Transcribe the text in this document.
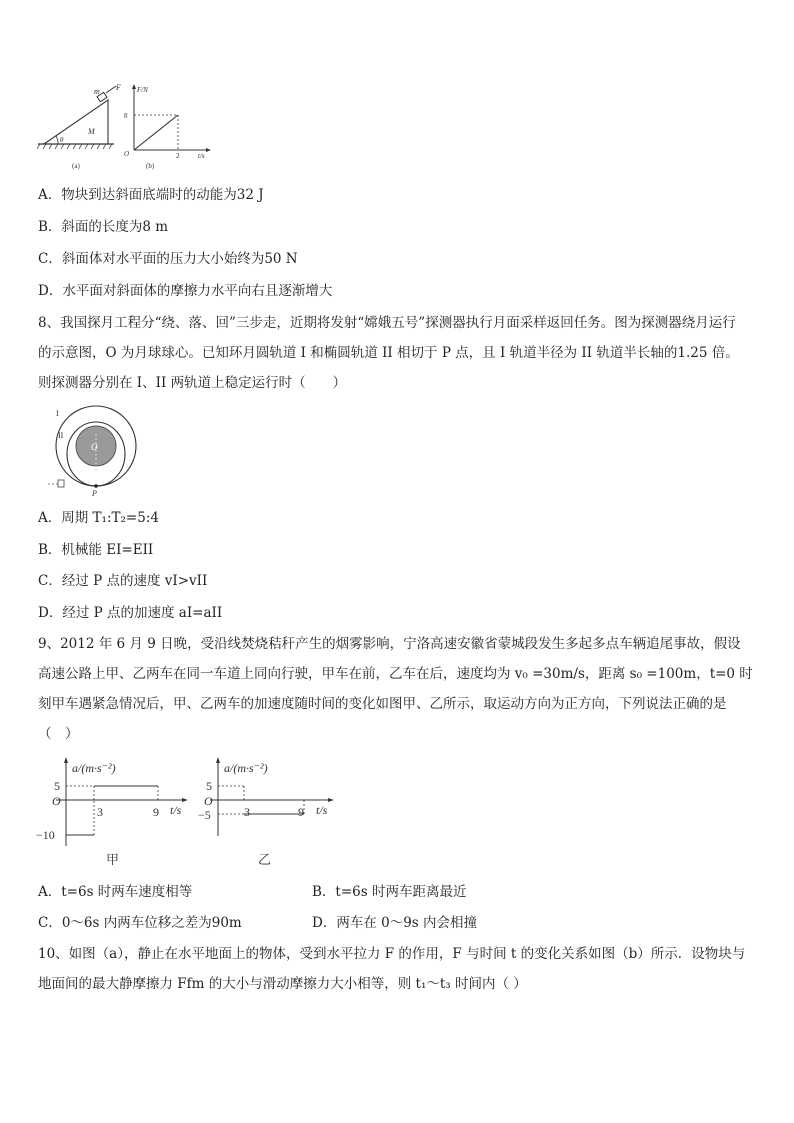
m F
M
θ
(a)
F/N
8
O	2	t/s
(b)
A．物块到达斜面底端时的动能为32 J
B．斜面的长度为8 m
C．斜面体对水平面的压力大小始终为50 N
D．水平面对斜面体的摩擦力水平向右且逐渐增大
8、我国探月工程分“绕、落、回”三步走，近期将发射“嫦娥五号”探测器执行月面采样返回任务。图为探测器绕月运行
的示意图，O 为月球球心。已知环月圆轨道 I 和椭圆轨道 II 相切于 P 点，且 I 轨道半径为 II 轨道半长轴的1.25 倍。
则探测器分别在 I、II 两轨道上稳定运行时（　　）
I
II
O
P
A．周期 T₁:T₂=5:4
B．机械能 EI=EII
C．经过 P 点的速度 vI>vII
D．经过 P 点的加速度 aI=aII
9、2012 年 6 月 9 日晚，受沿线焚烧秸秆产生的烟雾影响，宁洛高速安徽省蒙城段发生多起多点车辆追尾事故，假设
高速公路上甲、乙两车在同一车道上同向行驶，甲车在前，乙车在后，速度均为 v₀ =30m/s，距离 s₀ =100m，t=0 时
刻甲车遇紧急情况后，甲、乙两车的加速度随时间的变化如图甲、乙所示，取运动方向为正方向，下列说法正确的是
（　）
a/(m·s⁻²)
5
O
−10
3	9 t/s
甲
a/(m·s⁻²)
5
O
−5	3	9 t/s
乙
A．t=6s 时两车速度相等	B．t=6s 时两车距离最近
C．0～6s 内两车位移之差为90m	D．两车在 0～9s 内会相撞
10、如图（a），静止在水平地面上的物体，受到水平拉力 F 的作用，F 与时间 t 的变化关系如图（b）所示．设物块与
地面间的最大静摩擦力 Ffm 的大小与滑动摩擦力大小相等，则 t₁～t₃ 时间内（ ）
